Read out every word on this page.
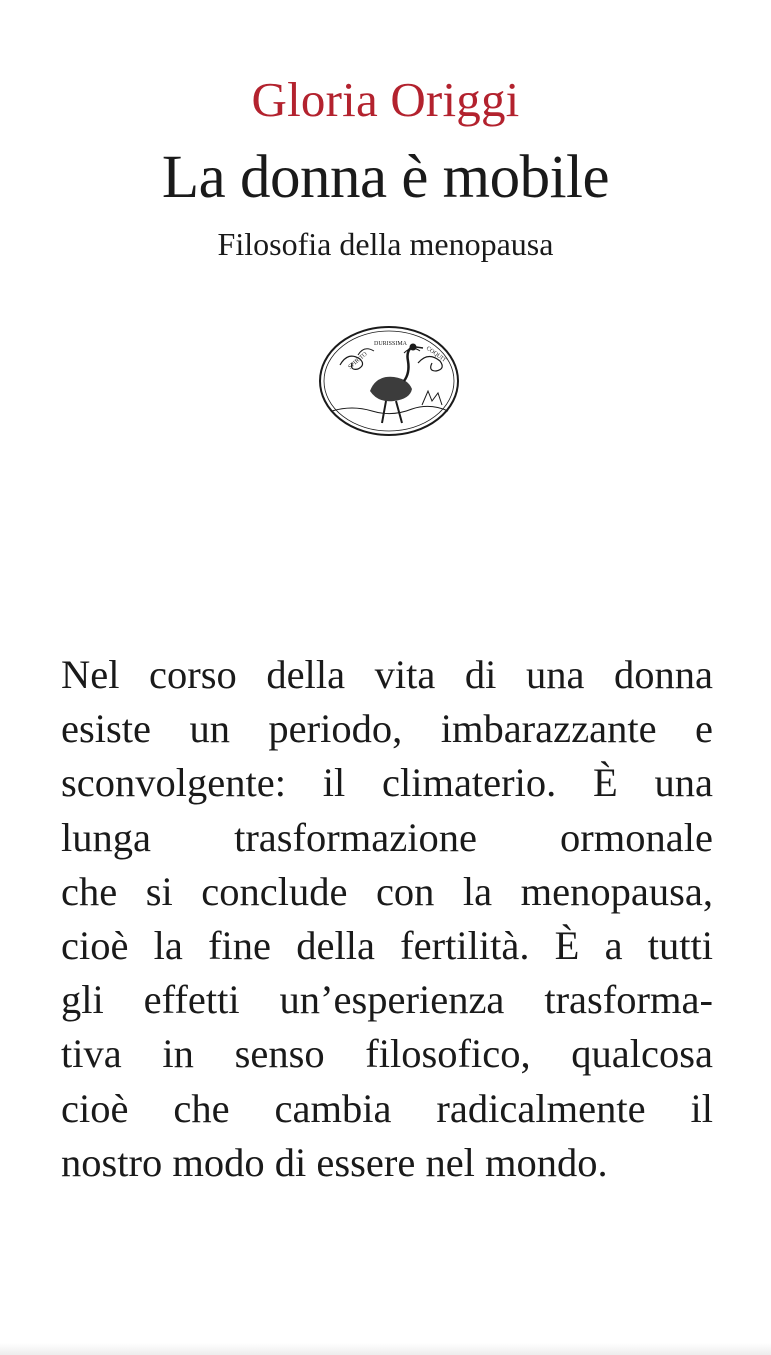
Gloria Origgi
La donna è mobile
Filosofia della menopausa
SPIRITO
DURISSIMA
COQUIT
Nel corso della vita di una donna
esiste un periodo, imbarazzante e
sconvolgente: il climaterio. È una
lunga trasformazione ormonale
che si conclude con la menopausa,
cioè la fine della fertilità. È a tutti
gli effetti un’esperienza trasforma-
tiva in senso filosofico, qualcosa
cioè che cambia radicalmente il
nostro modo di essere nel mondo.
